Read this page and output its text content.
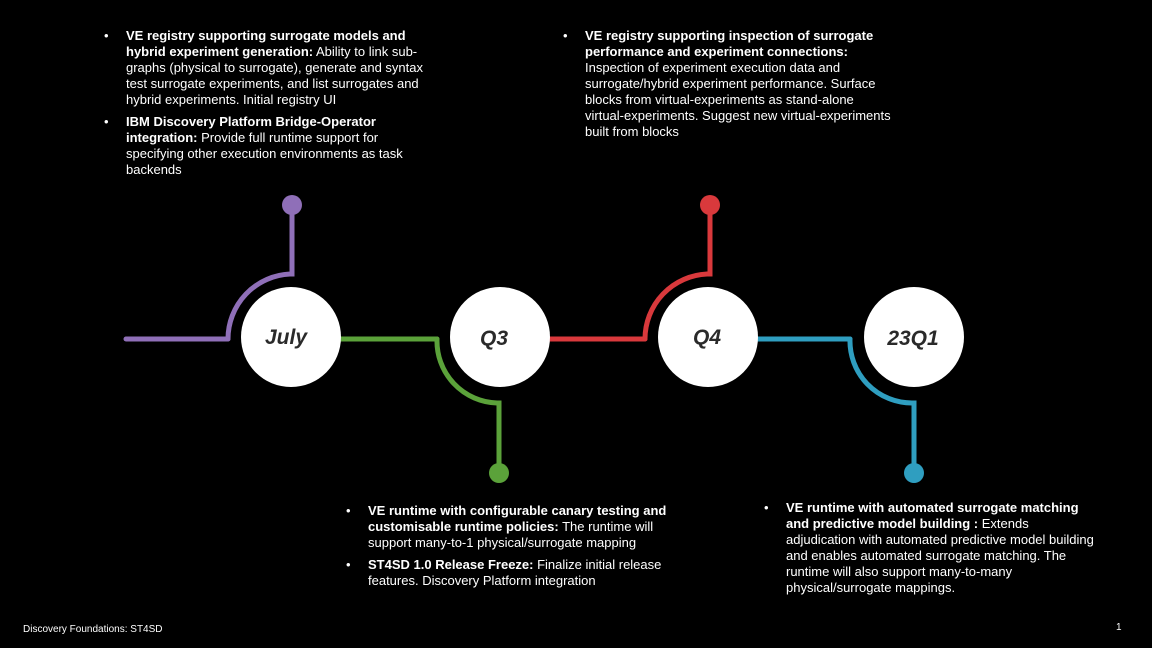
July	Q3	Q4	23Q1
• VE registry supporting surrogate models and hybrid experiment generation: Ability to link sub-graphs (physical to surrogate), generate and syntax test surrogate experiments, and list surrogates and hybrid experiments. Initial registry UI
• IBM Discovery Platform Bridge-Operator integration: Provide full runtime support for specifying other execution environments as task backends
• VE registry supporting inspection of surrogate performance and experiment connections: Inspection of experiment execution data and surrogate/hybrid experiment performance. Surface blocks from virtual-experiments as stand-alone virtual-experiments. Suggest new virtual-experiments built from blocks
• VE runtime with configurable canary testing and customisable runtime policies: The runtime will support many-to-1 physical/surrogate mapping
• ST4SD 1.0 Release Freeze: Finalize initial release features. Discovery Platform integration
• VE runtime with automated surrogate matching and predictive model building : Extends adjudication with automated predictive model building and enables automated surrogate matching. The runtime will also support many-to-many physical/surrogate mappings.
Discovery Foundations: ST4SD	1
